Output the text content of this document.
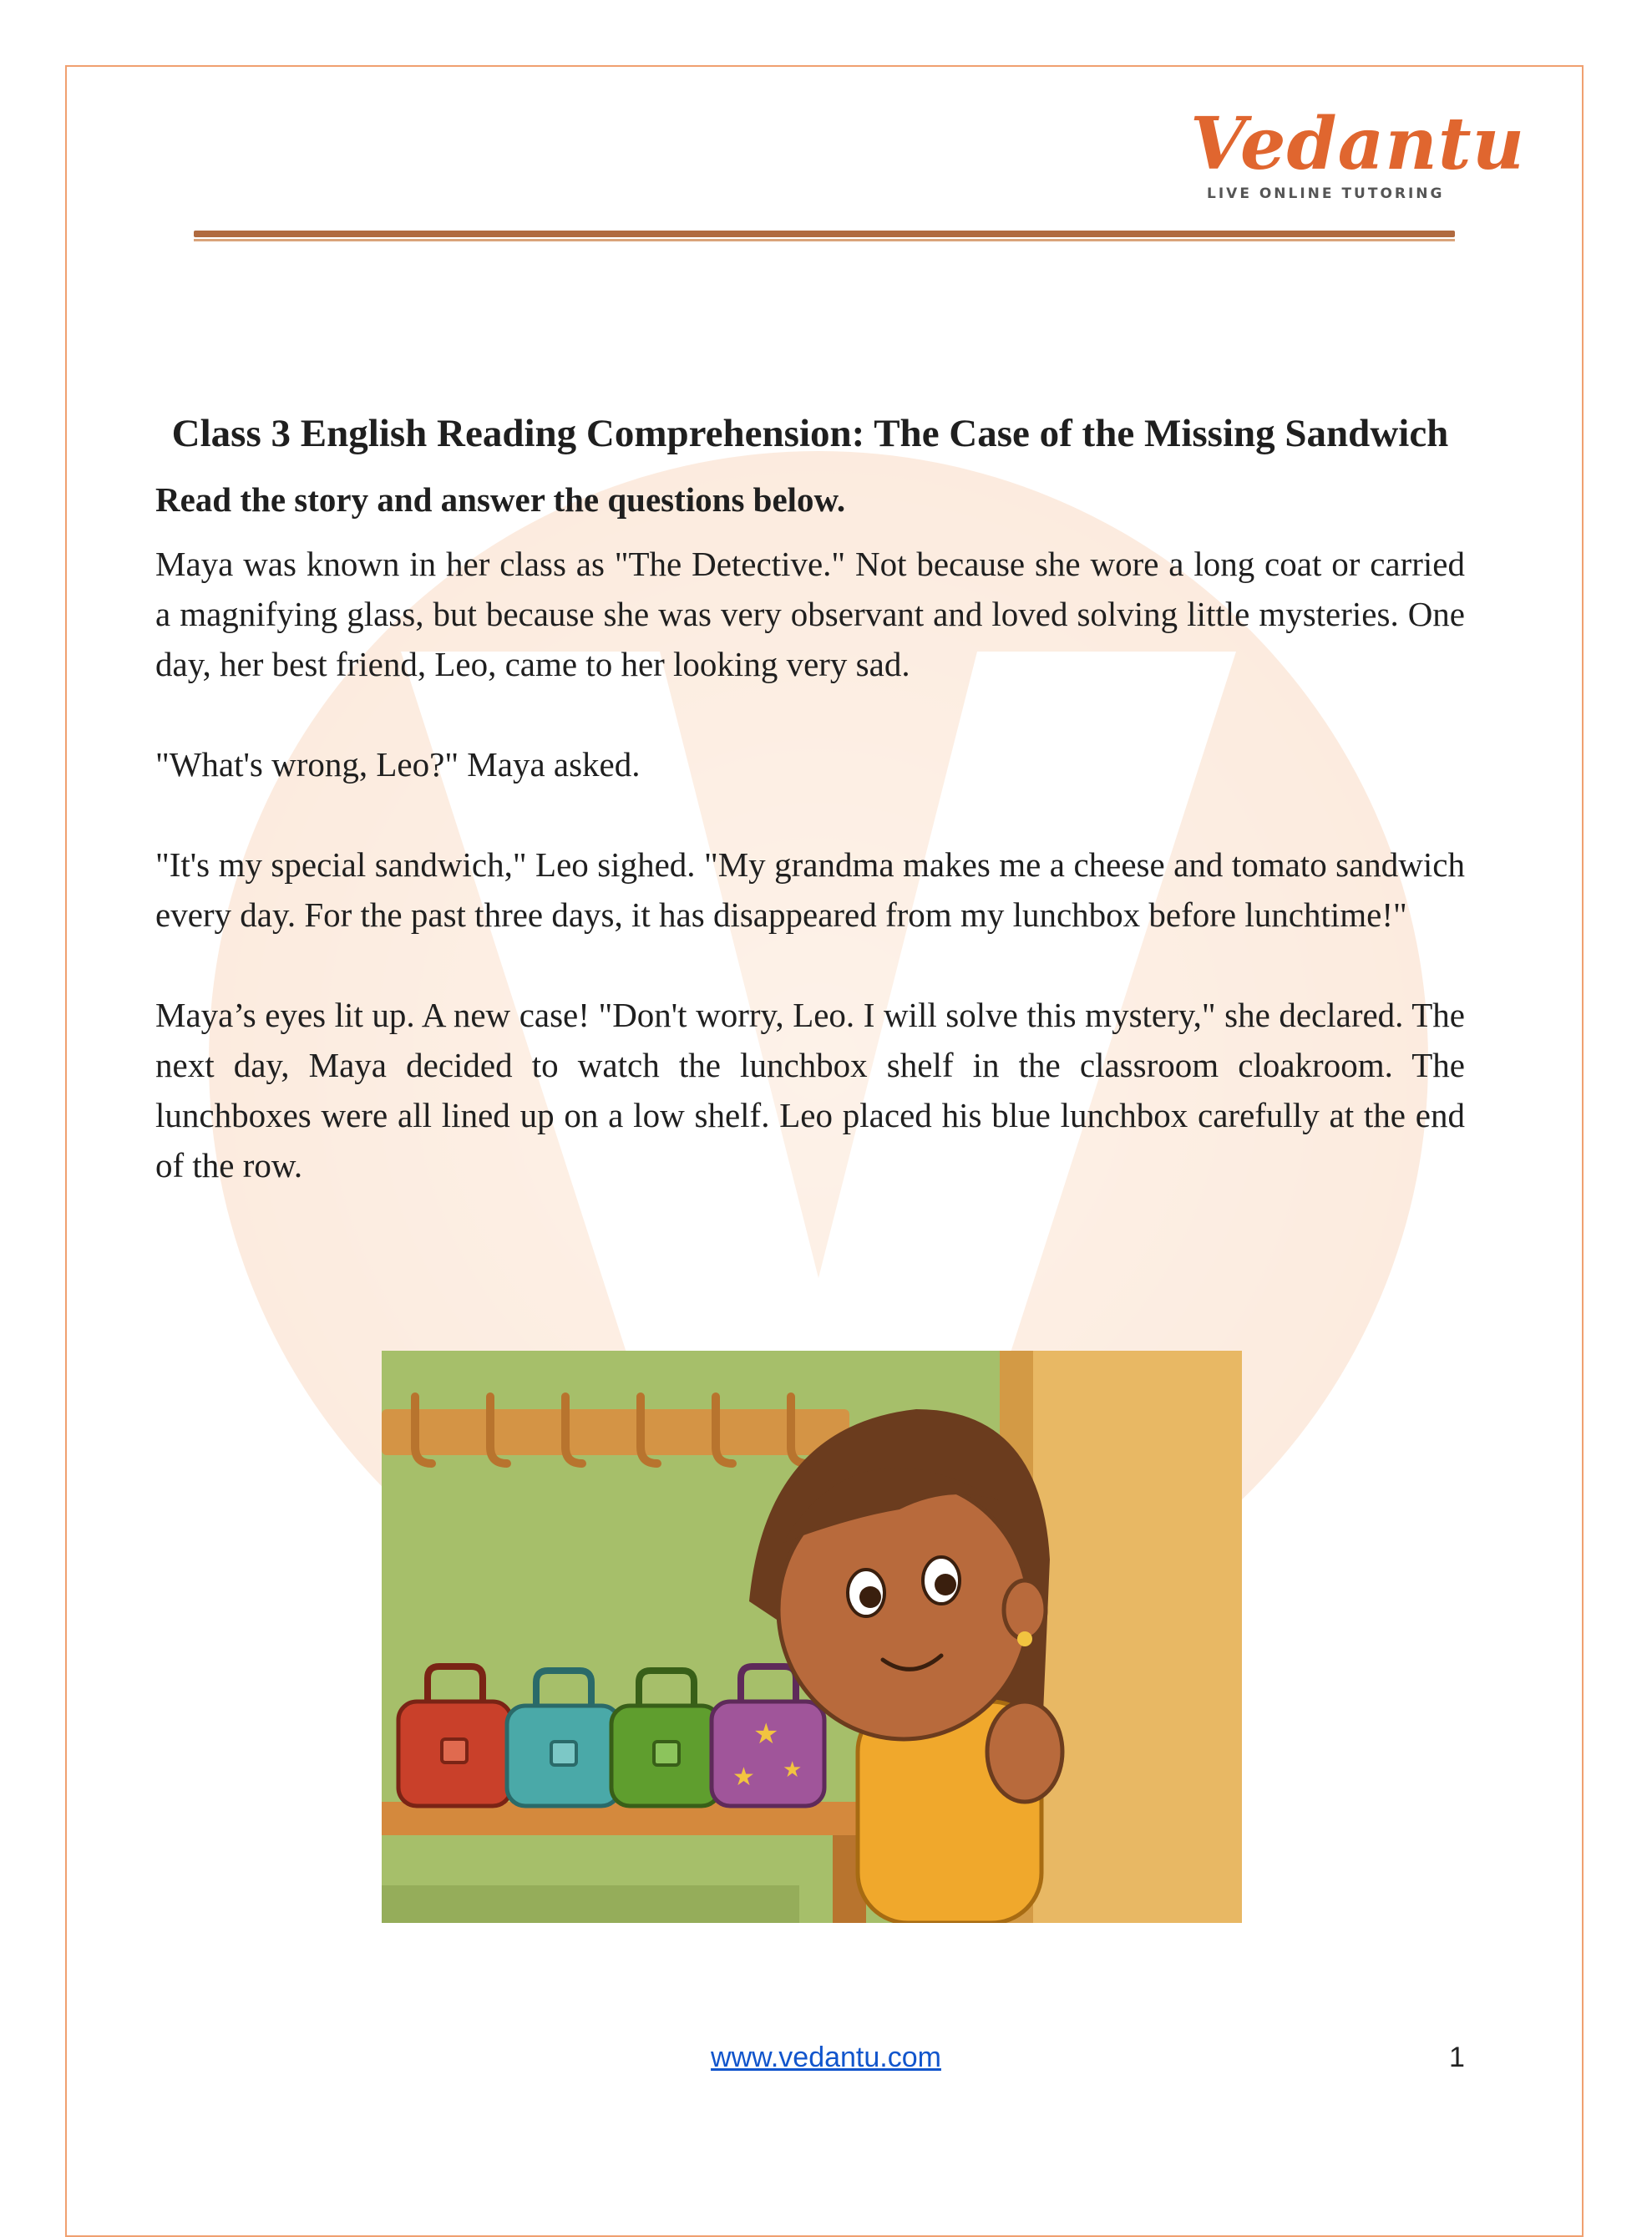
Vedantu
LIVE ONLINE TUTORING
Class 3 English Reading Comprehension: The Case of the Missing Sandwich

Read the story and answer the questions below.

Maya was known in her class as "The Detective." Not because she wore a long coat or carried a magnifying glass, but because she was very observant and loved solving little mysteries. One day, her best friend, Leo, came to her looking very sad.

"What's wrong, Leo?" Maya asked.

"It's my special sandwich," Leo sighed. "My grandma makes me a cheese and tomato sandwich every day. For the past three days, it has disappeared from my lunchbox before lunchtime!"

Maya’s eyes lit up. A new case! "Don't worry, Leo. I will solve this mystery," she declared. The next day, Maya decided to watch the lunchbox shelf in the classroom cloakroom. The lunchboxes were all lined up on a low shelf. Leo placed his blue lunchbox carefully at the end of the row.

★
★
★
www.vedantu.com	1
